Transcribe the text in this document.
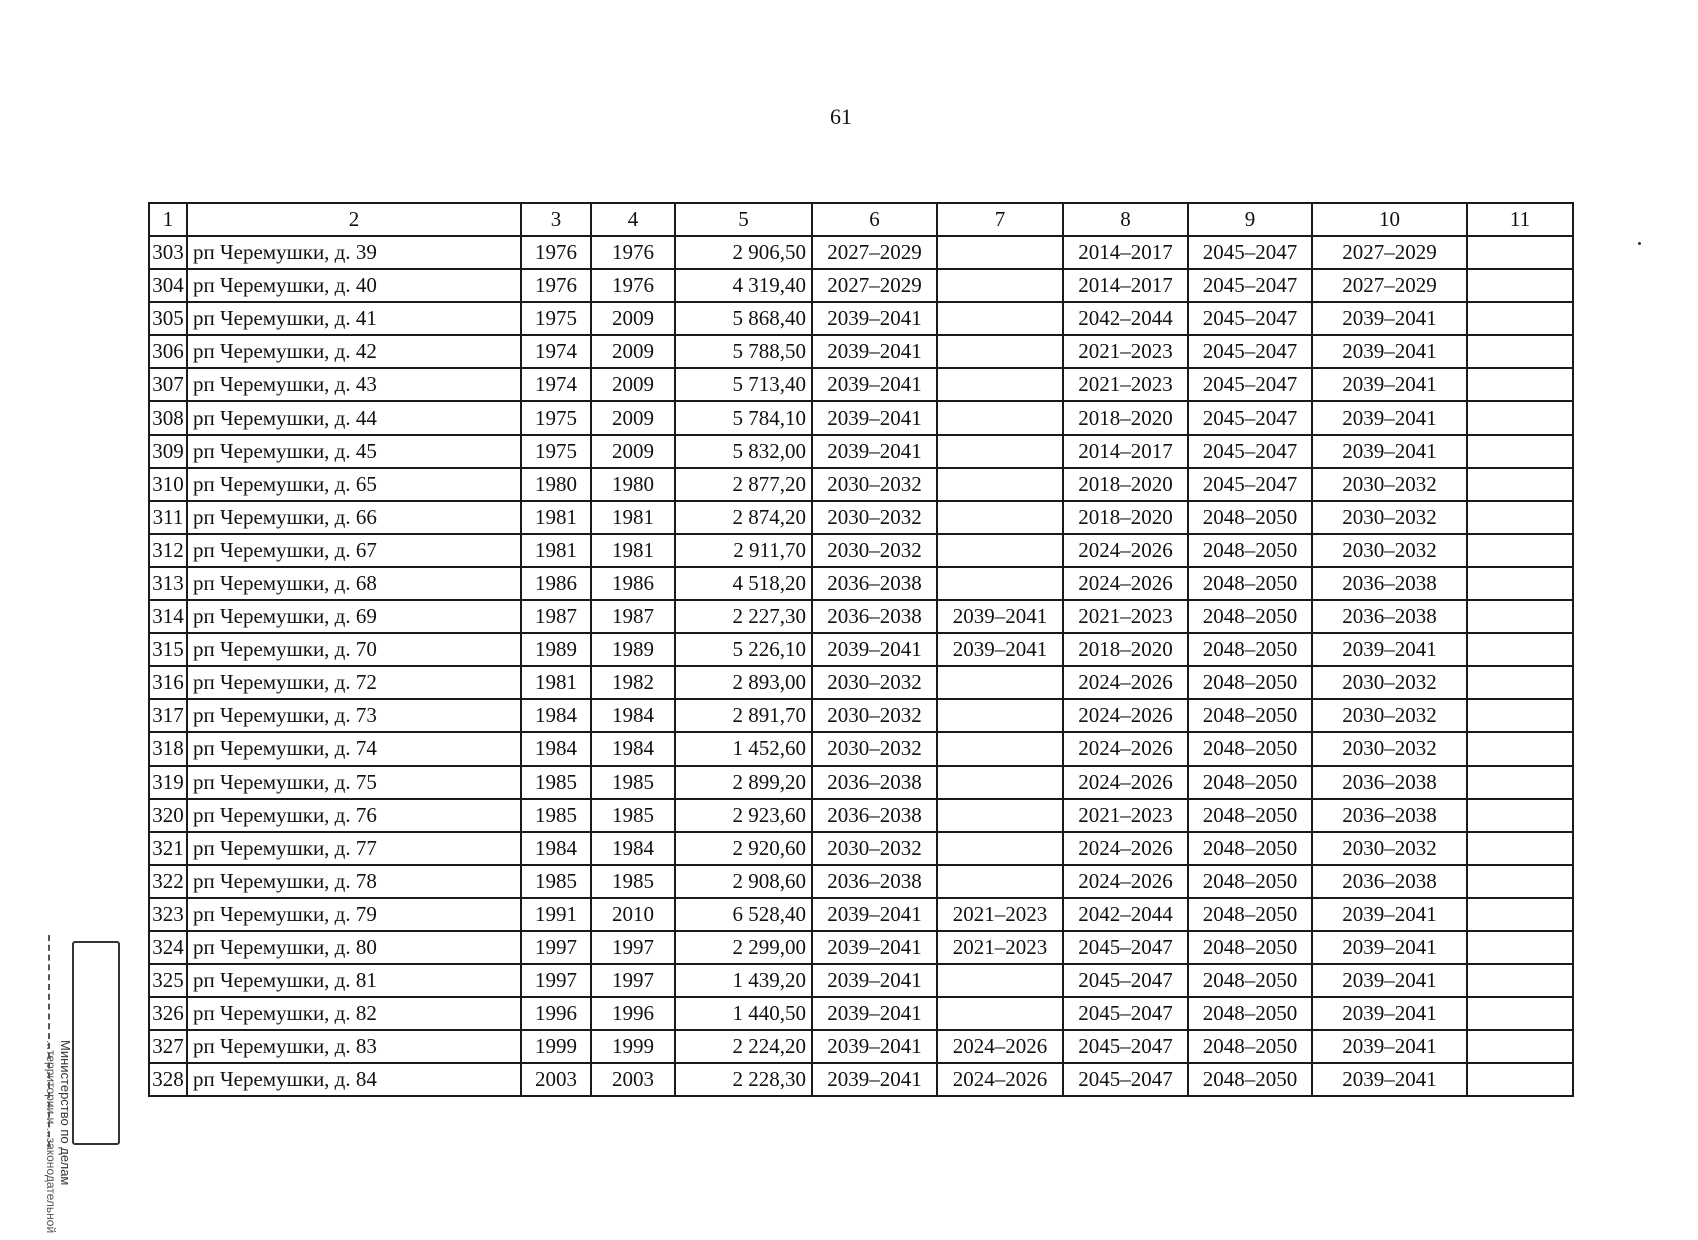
61
1	2	3	4	5	6	7	8	9	10	11
303	рп Черемушки, д. 39	1976	1976	2 906,50	2027–2029		2014–2017	2045–2047	2027–2029	
304	рп Черемушки, д. 40	1976	1976	4 319,40	2027–2029		2014–2017	2045–2047	2027–2029	
305	рп Черемушки, д. 41	1975	2009	5 868,40	2039–2041		2042–2044	2045–2047	2039–2041	
306	рп Черемушки, д. 42	1974	2009	5 788,50	2039–2041		2021–2023	2045–2047	2039–2041	
307	рп Черемушки, д. 43	1974	2009	5 713,40	2039–2041		2021–2023	2045–2047	2039–2041	
308	рп Черемушки, д. 44	1975	2009	5 784,10	2039–2041		2018–2020	2045–2047	2039–2041	
309	рп Черемушки, д. 45	1975	2009	5 832,00	2039–2041		2014–2017	2045–2047	2039–2041	
310	рп Черемушки, д. 65	1980	1980	2 877,20	2030–2032		2018–2020	2045–2047	2030–2032	
311	рп Черемушки, д. 66	1981	1981	2 874,20	2030–2032		2018–2020	2048–2050	2030–2032	
312	рп Черемушки, д. 67	1981	1981	2 911,70	2030–2032		2024–2026	2048–2050	2030–2032	
313	рп Черемушки, д. 68	1986	1986	4 518,20	2036–2038		2024–2026	2048–2050	2036–2038	
314	рп Черемушки, д. 69	1987	1987	2 227,30	2036–2038	2039–2041	2021–2023	2048–2050	2036–2038	
315	рп Черемушки, д. 70	1989	1989	5 226,10	2039–2041	2039–2041	2018–2020	2048–2050	2039–2041	
316	рп Черемушки, д. 72	1981	1982	2 893,00	2030–2032		2024–2026	2048–2050	2030–2032	
317	рп Черемушки, д. 73	1984	1984	2 891,70	2030–2032		2024–2026	2048–2050	2030–2032	
318	рп Черемушки, д. 74	1984	1984	1 452,60	2030–2032		2024–2026	2048–2050	2030–2032	
319	рп Черемушки, д. 75	1985	1985	2 899,20	2036–2038		2024–2026	2048–2050	2036–2038	
320	рп Черемушки, д. 76	1985	1985	2 923,60	2036–2038		2021–2023	2048–2050	2036–2038	
321	рп Черемушки, д. 77	1984	1984	2 920,60	2030–2032		2024–2026	2048–2050	2030–2032	
322	рп Черемушки, д. 78	1985	1985	2 908,60	2036–2038		2024–2026	2048–2050	2036–2038	
323	рп Черемушки, д. 79	1991	2010	6 528,40	2039–2041	2021–2023	2042–2044	2048–2050	2039–2041	
324	рп Черемушки, д. 80	1997	1997	2 299,00	2039–2041	2021–2023	2045–2047	2048–2050	2039–2041	
325	рп Черемушки, д. 81	1997	1997	1 439,20	2039–2041		2045–2047	2048–2050	2039–2041	
326	рп Черемушки, д. 82	1996	1996	1 440,50	2039–2041		2045–2047	2048–2050	2039–2041	
327	рп Черемушки, д. 83	1999	1999	2 224,20	2039–2041	2024–2026	2045–2047	2048–2050	2039–2041	
328	рп Черемушки, д. 84	2003	2003	2 228,30	2039–2041	2024–2026	2045–2047	2048–2050	2039–2041	
Министерство по делам
...территории и ...законодательной
